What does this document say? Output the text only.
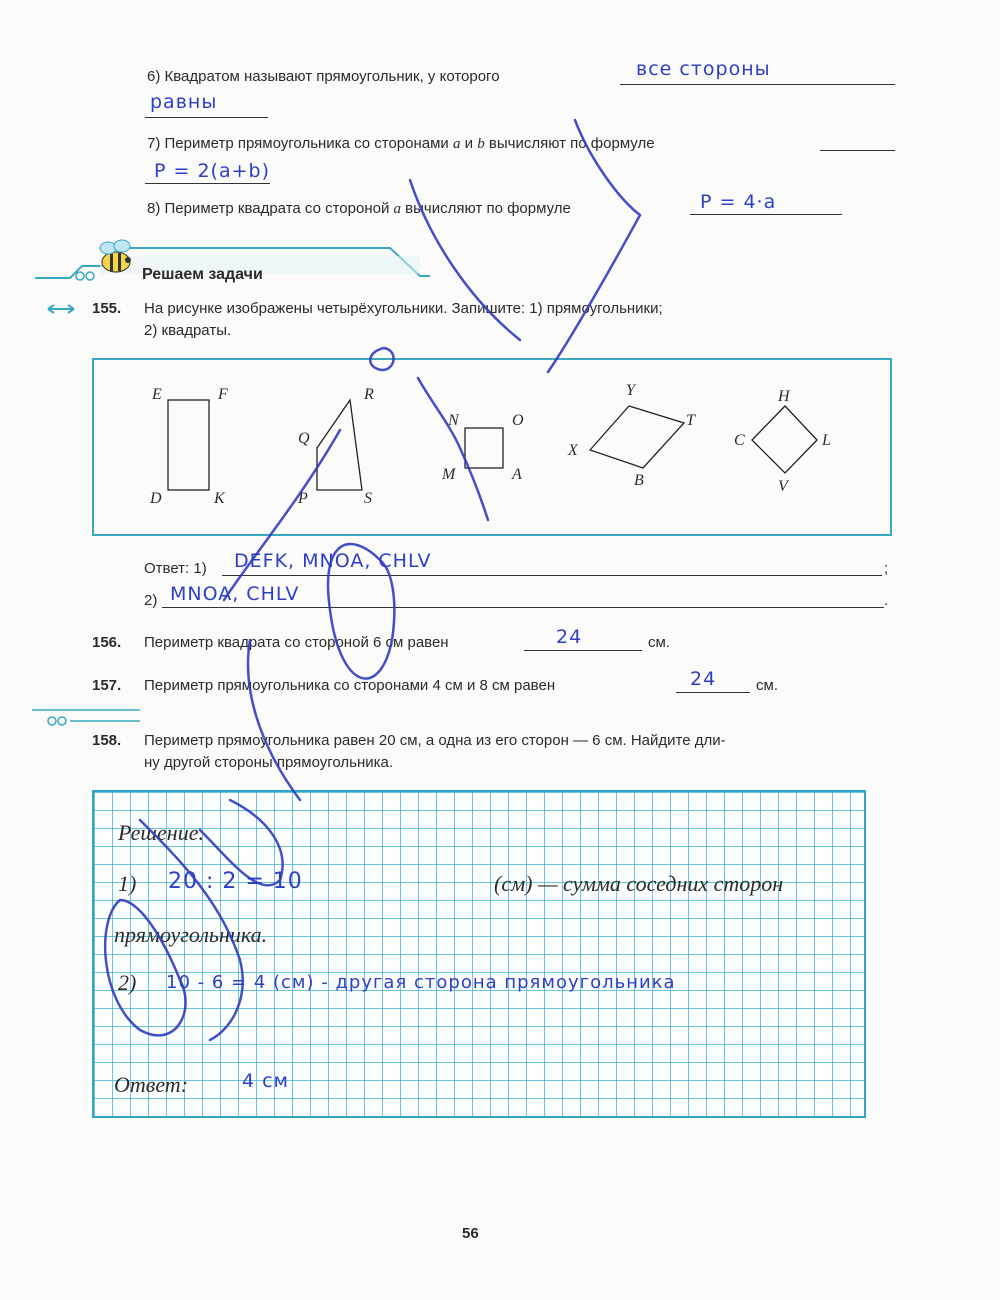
6) Квадратом называют прямоугольник, у которого	все стороны
равны
7) Периметр прямоугольника со сторонами a и b вычисляют по формуле
P = 2(a+b)
8) Периметр квадрата со стороной a вычисляют по формуле	P = 4·a
Решаем задачи
155. На рисунке изображены четырёхугольники. Запишите: 1) прямоугольники;
2) квадраты.
E	F
D	K
R
Q
P	S
N	O
M	A
Y
T
X
B
H
C	L
V
Ответ: 1)	;
DEFK, MNOA, CHLV
2)	.
MNOA, CHLV
156. Периметр квадрата со стороной 6 см равен	24	см.
157. Периметр прямоугольника со сторонами 4 см и 8 см равен	24	см.
158. Периметр прямоугольника равен 20 см, а одна из его сторон — 6 см. Найдите дли-
ну другой стороны прямоугольника.
Решение.
1) 20 : 2 = 10	(см) — сумма соседних сторон
прямоугольника.
2) 10 - 6 = 4 (см) - другая сторона прямоугольника
Ответ:	4 см
56
